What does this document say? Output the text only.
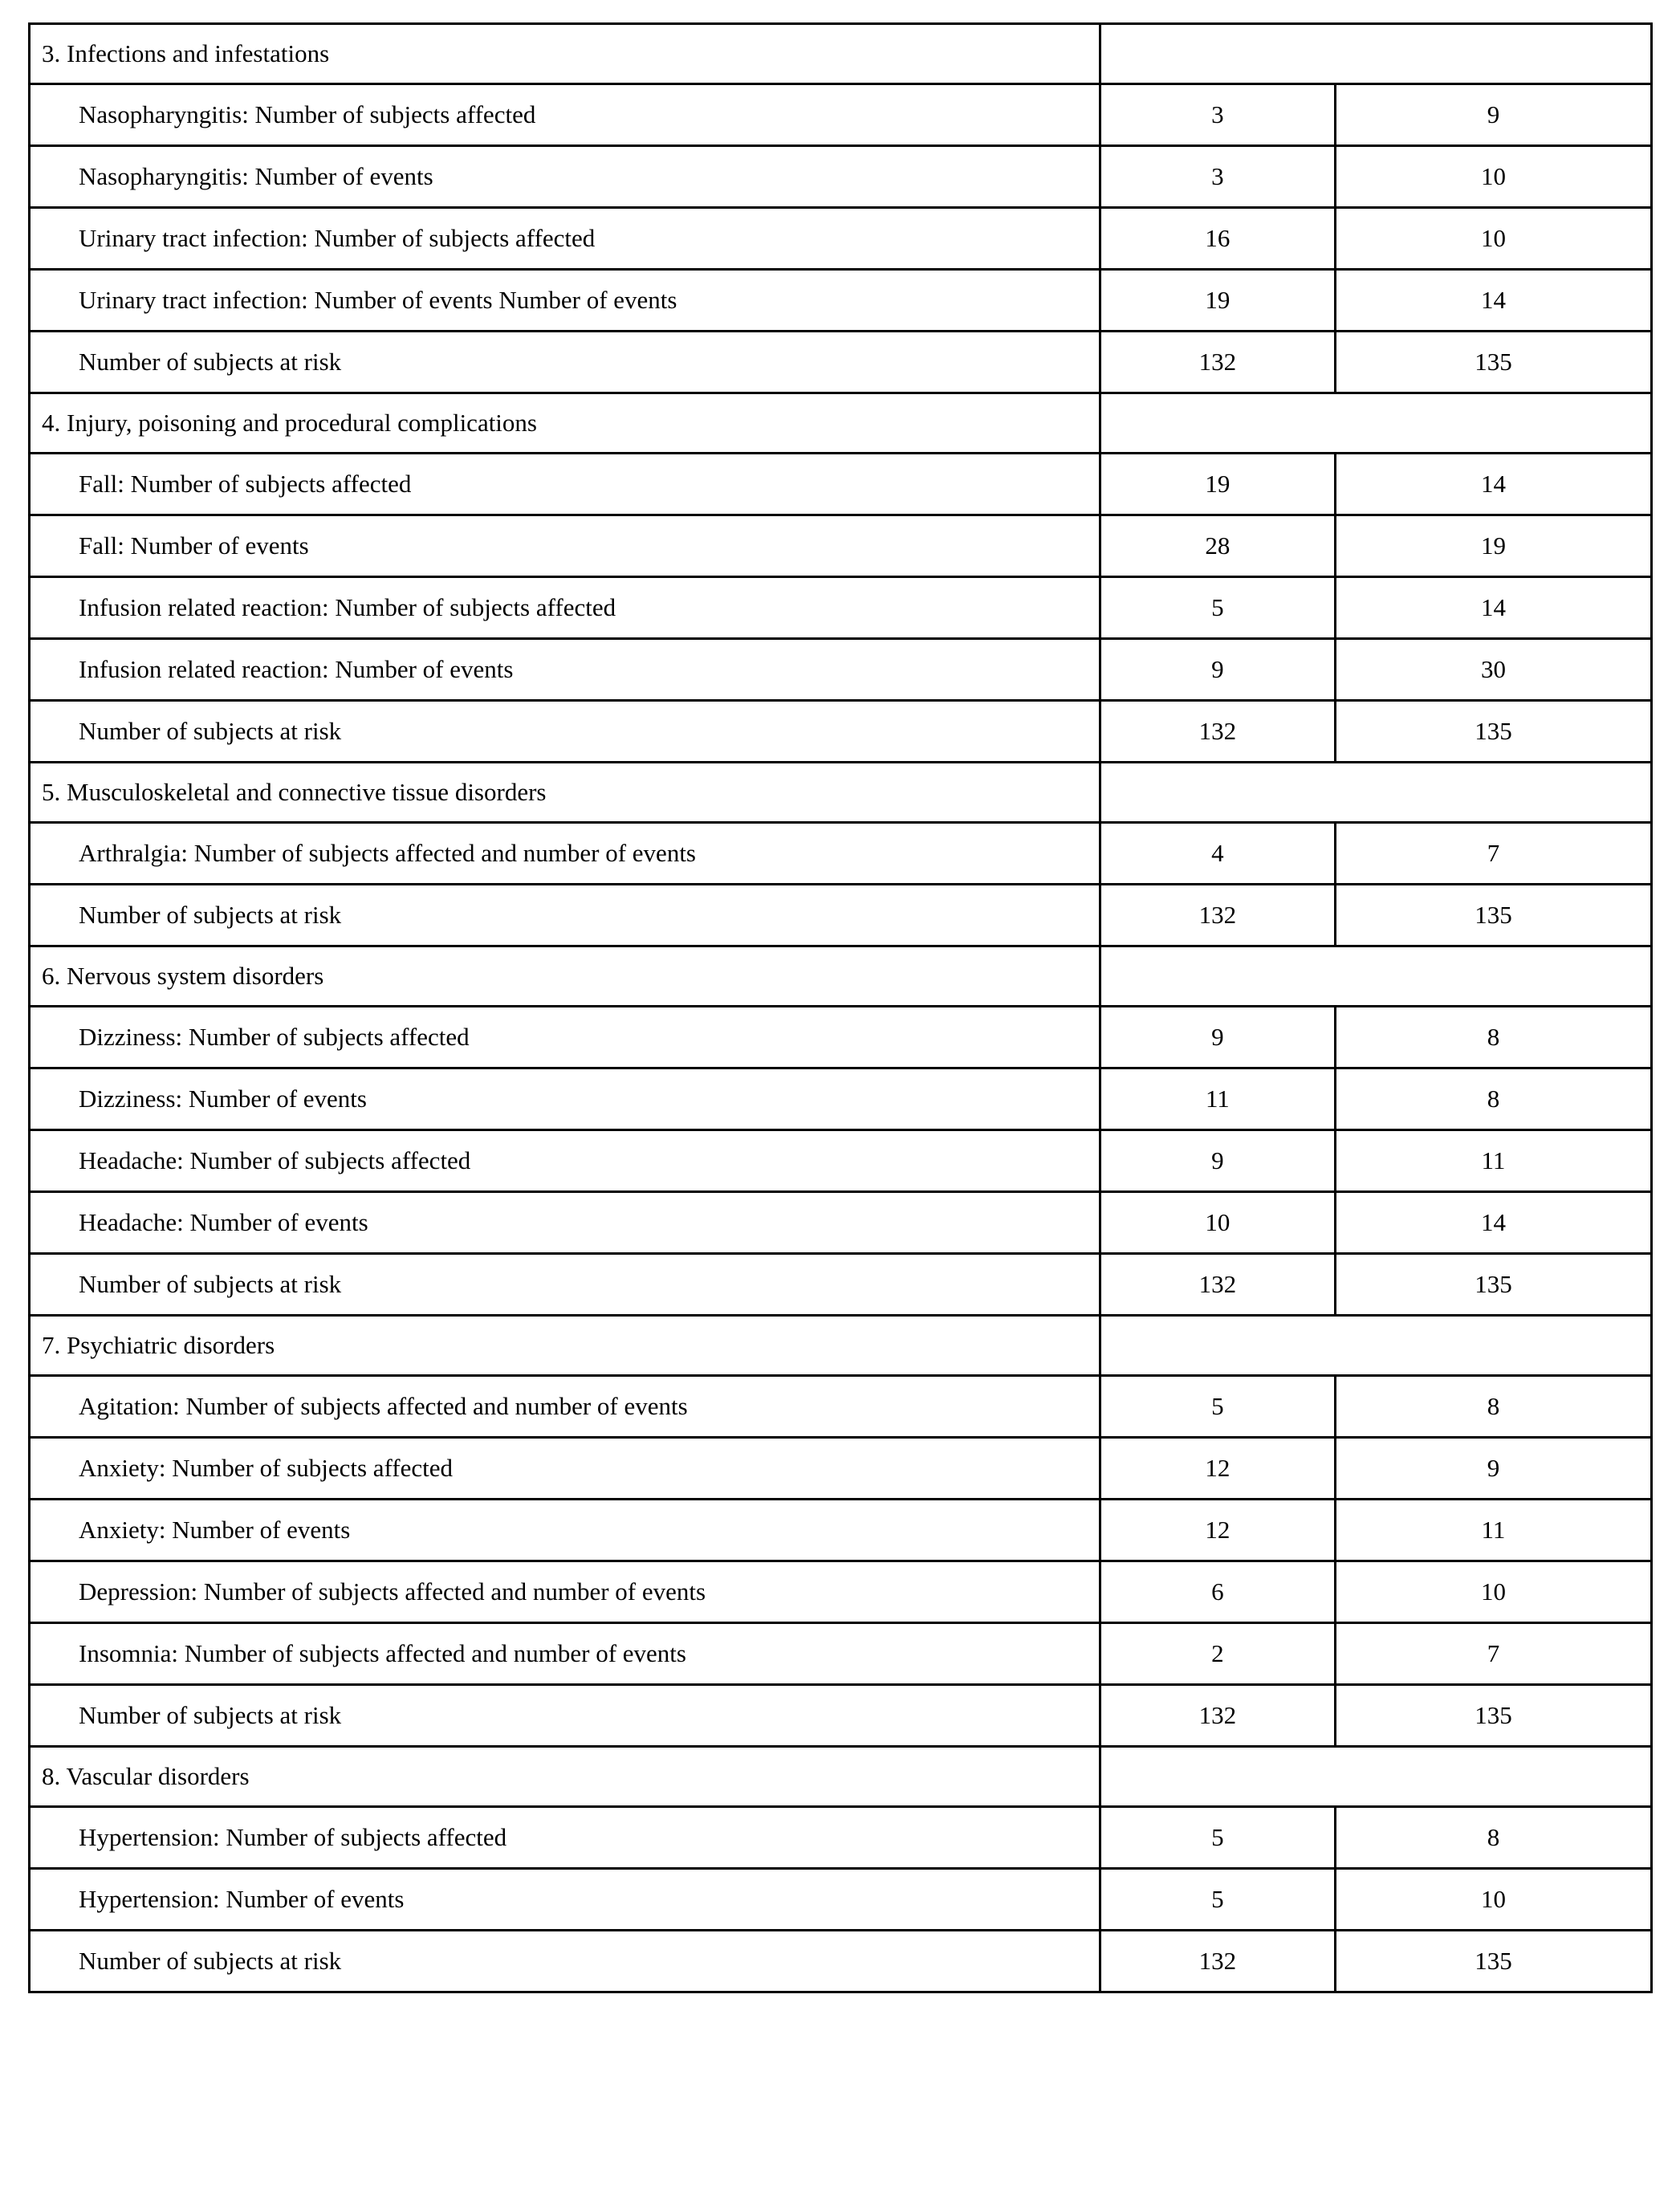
3. Infections and infestations		
Nasopharyngitis: Number of subjects affected	3	9
Nasopharyngitis: Number of events	3	10
Urinary tract infection: Number of subjects affected	16	10
Urinary tract infection: Number of events Number of events	19	14
Number of subjects at risk	132	135
4. Injury, poisoning and procedural complications		
Fall: Number of subjects affected	19	14
Fall: Number of events	28	19
Infusion related reaction: Number of subjects affected	5	14
Infusion related reaction: Number of events	9	30
Number of subjects at risk	132	135
5. Musculoskeletal and connective tissue disorders		
Arthralgia: Number of subjects affected and number of events	4	7
Number of subjects at risk	132	135
6. Nervous system disorders		
Dizziness: Number of subjects affected	9	8
Dizziness: Number of events	11	8
Headache: Number of subjects affected	9	11
Headache: Number of events	10	14
Number of subjects at risk	132	135
7. Psychiatric disorders		
Agitation: Number of subjects affected and number of events	5	8
Anxiety: Number of subjects affected	12	9
Anxiety: Number of events	12	11
Depression: Number of subjects affected and number of events	6	10
Insomnia: Number of subjects affected and number of events	2	7
Number of subjects at risk	132	135
8. Vascular disorders		
Hypertension: Number of subjects affected	5	8
Hypertension: Number of events	5	10
Number of subjects at risk	132	135
